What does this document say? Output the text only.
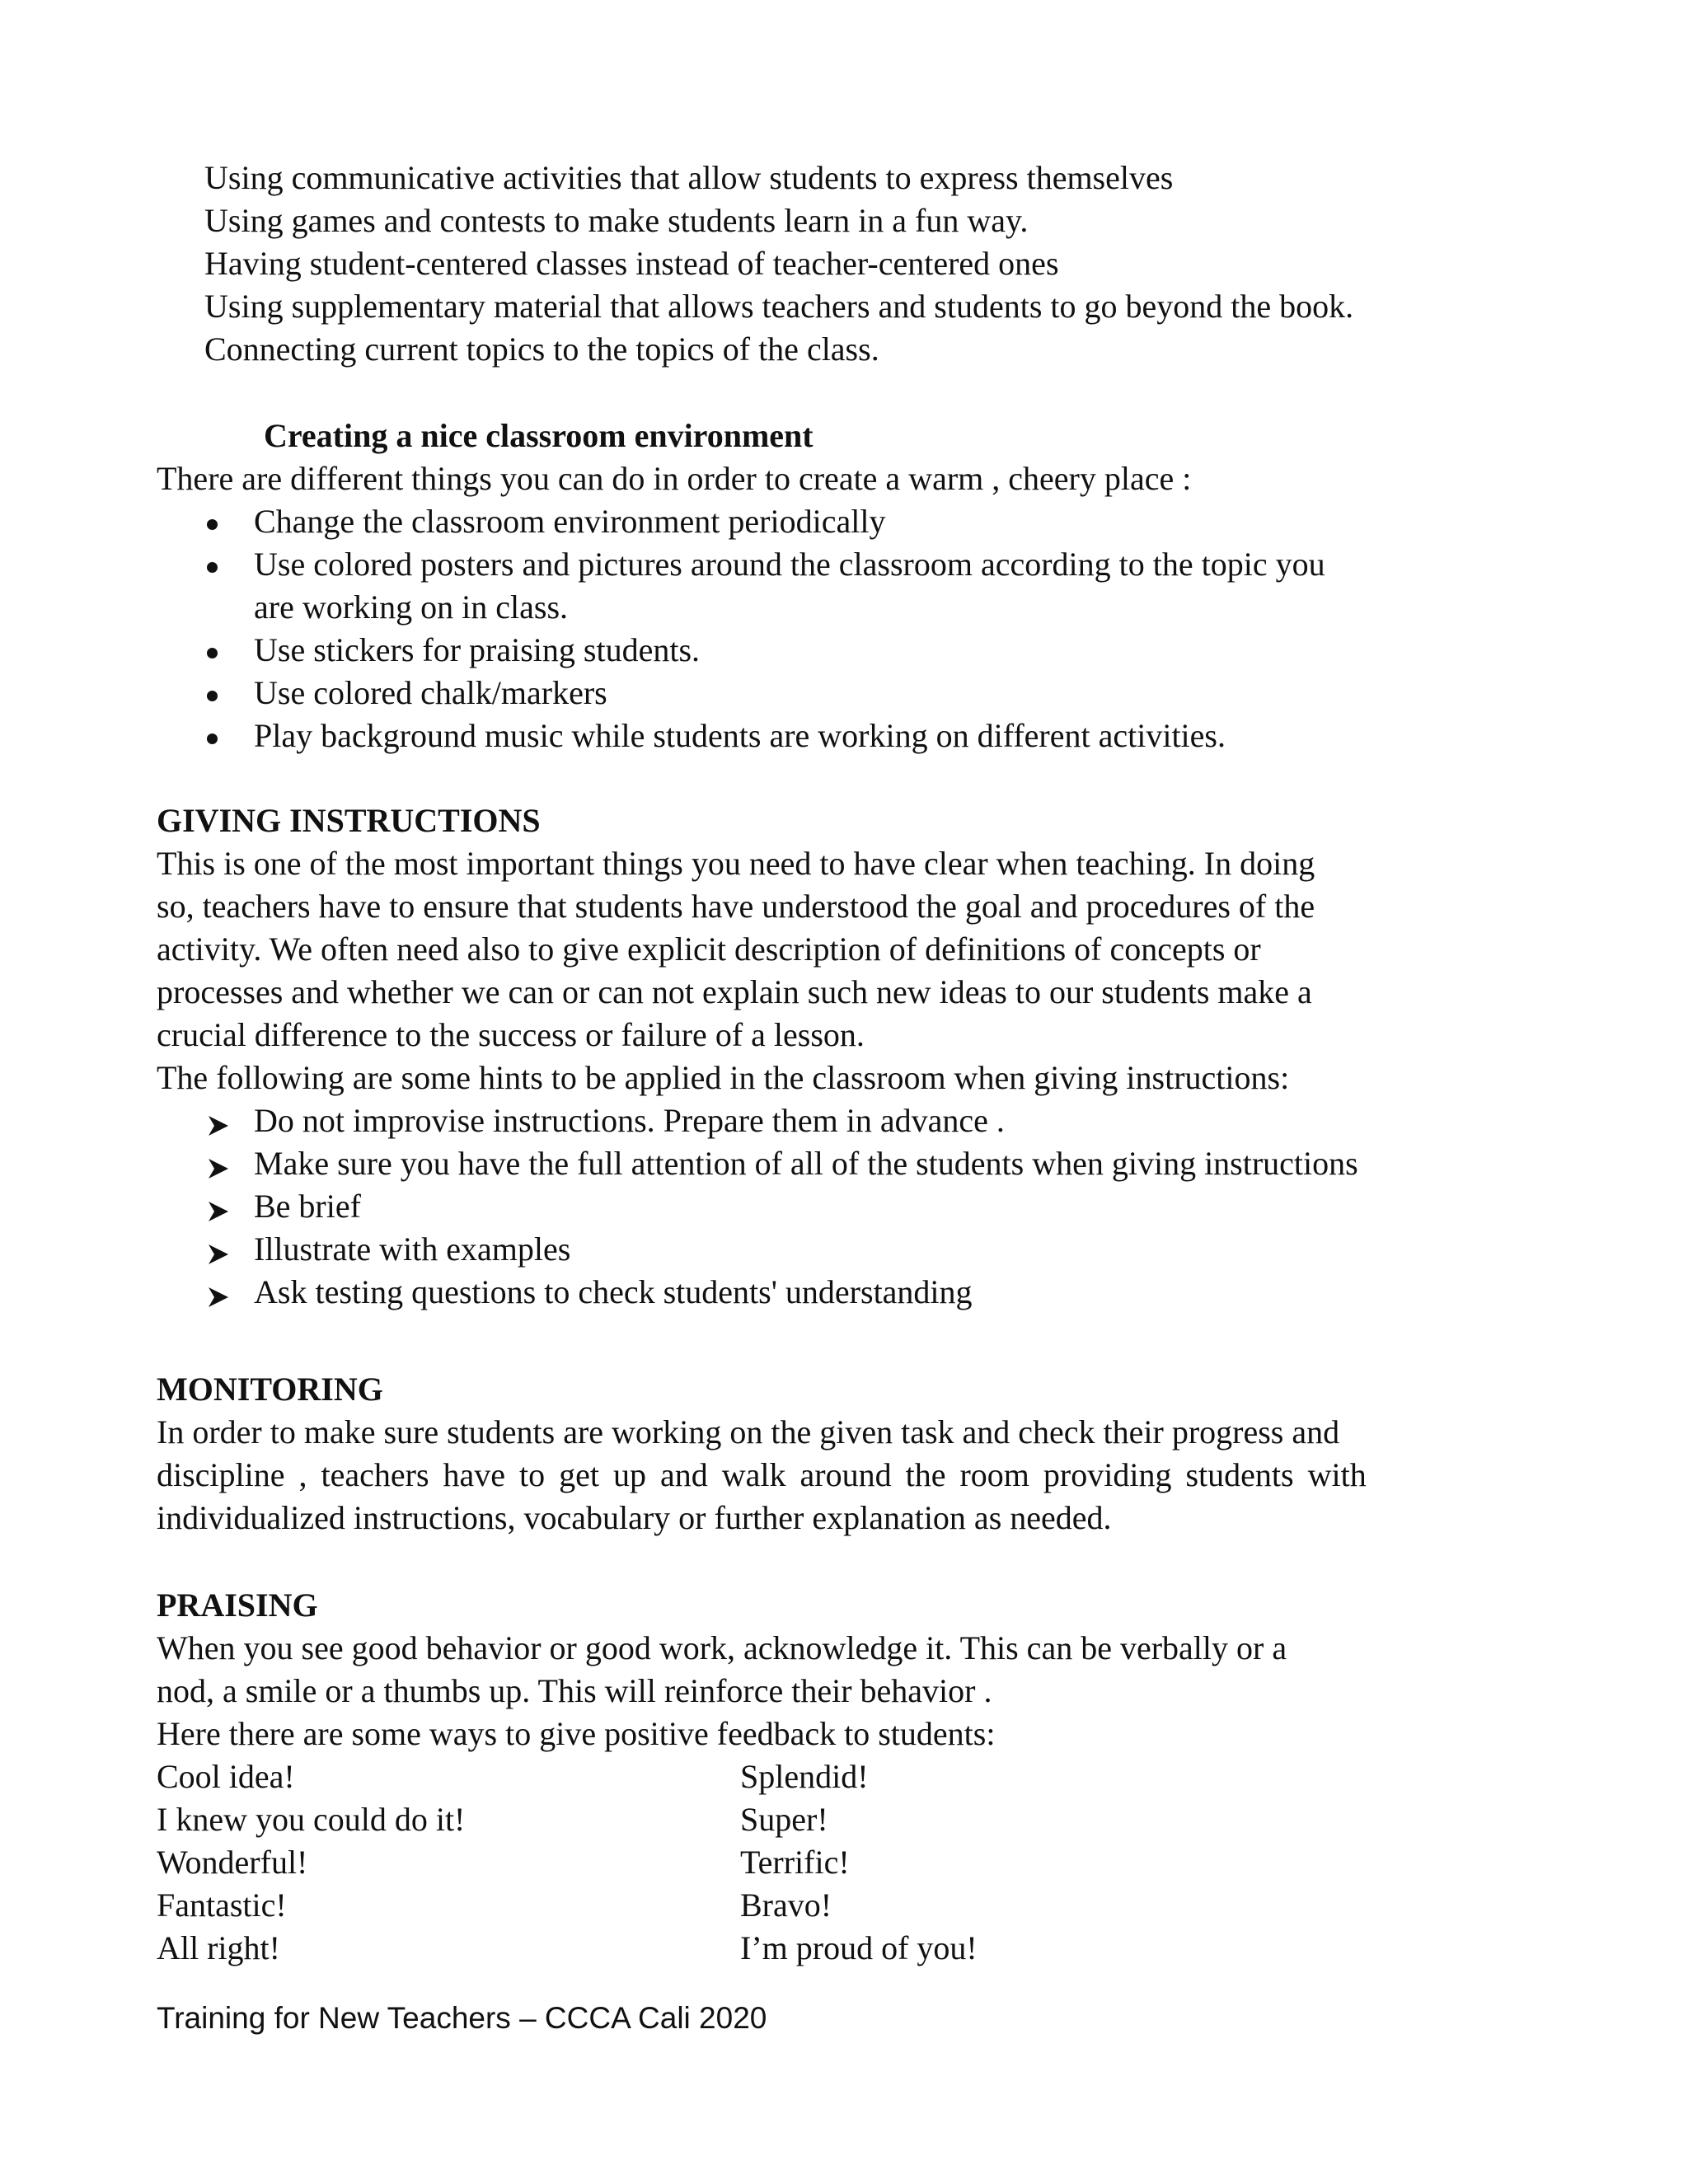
Using communicative activities that allow students to express themselves
Using games and contests to make students learn in a fun way.
Having student-centered classes instead of teacher-centered ones
Using supplementary material that allows teachers and students to go beyond the book.
Connecting current topics to the topics of the class.
Creating a nice classroom environment
There are different things you can do in order to create a warm , cheery place :
Change the classroom environment periodically
Use colored posters and pictures around the classroom according to the topic you
are working on in class.
Use stickers for praising students.
Use colored chalk/markers
Play background music while students are working on different activities.
GIVING INSTRUCTIONS
This is one of the most important things you need to have clear when teaching. In doing
so, teachers have to ensure that students have understood the goal and procedures of the
activity. We often need also to give explicit description of definitions of concepts or
processes and whether we can or can not explain such new ideas to our students make a
crucial difference to the success or failure of a lesson.
The following are some hints to be applied in the classroom when giving instructions:
Do not improvise instructions. Prepare them in advance .
Make sure you have the full attention of all of the students when giving instructions
Be brief
Illustrate with examples
Ask testing questions to check students' understanding
MONITORING
In order to make sure students are working on the given task and check their progress and
discipline , teachers have to get up and walk around the room providing students with
individualized instructions, vocabulary or further explanation as needed.
PRAISING
When you see good behavior or good work, acknowledge it. This can be verbally or a
nod, a smile or a thumbs up. This will reinforce their behavior .
Here there are some ways to give positive feedback to students:
Cool idea!	Splendid!
I knew you could do it!	Super!
Wonderful!	Terrific!
Fantastic!	Bravo!
All right!	I’m proud of you!
Training for New Teachers – CCCA Cali 2020
